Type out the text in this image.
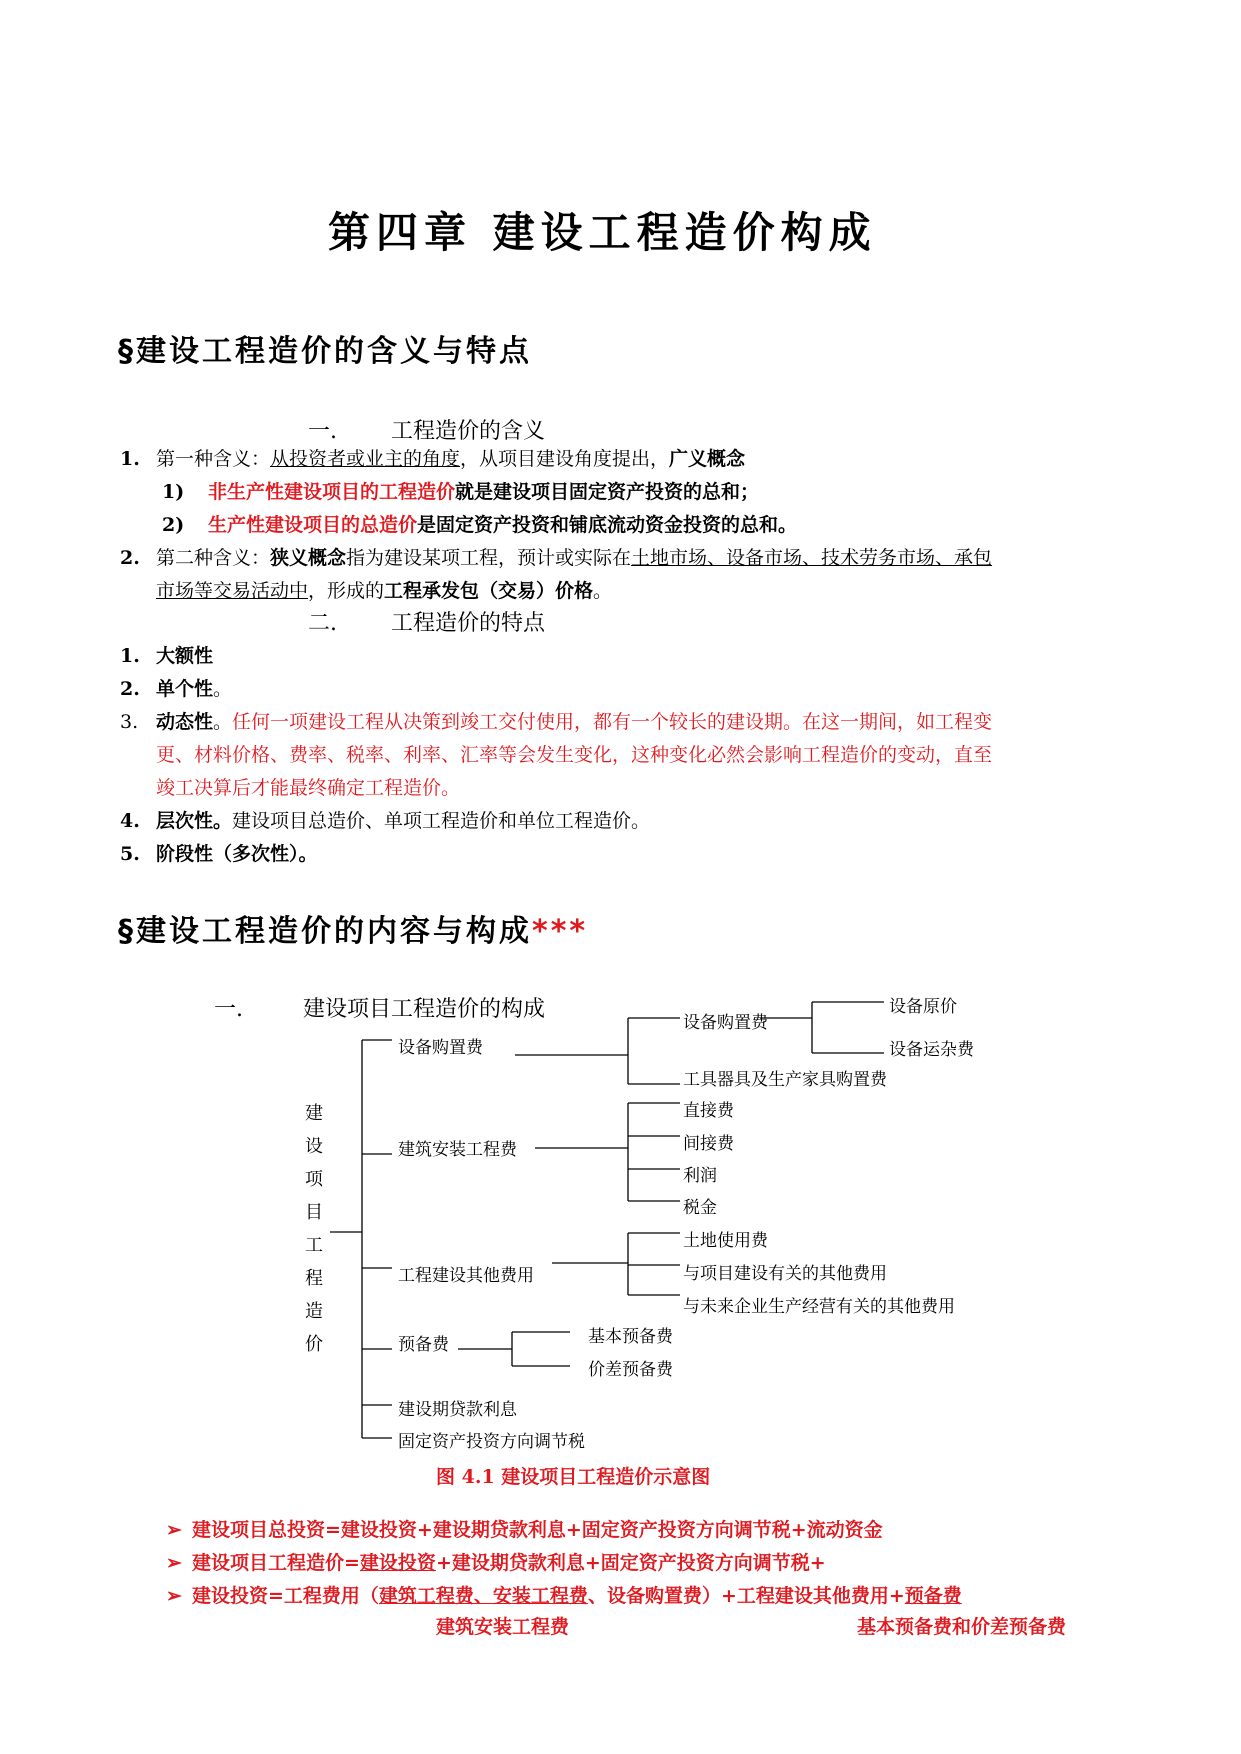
第四章 建设工程造价构成
§建设工程造价的含义与特点
一. 工程造价的含义
1. 第一种含义：从投资者或业主的角度，从项目建设角度提出，广义概念
1) 非生产性建设项目的工程造价就是建设项目固定资产投资的总和；
2) 生产性建设项目的总造价是固定资产投资和铺底流动资金投资的总和。
2. 第二种含义：狭义概念指为建设某项工程，预计或实际在土地市场、设备市场、技术劳务市场、承包
市场等交易活动中，形成的工程承发包（交易）价格。
二. 工程造价的特点
1. 大额性
2. 单个性。
3. 动态性。任何一项建设工程从决策到竣工交付使用，都有一个较长的建设期。在这一期间，如工程变
更、材料价格、费率、税率、利率、汇率等会发生变化，这种变化必然会影响工程造价的变动，直至
竣工决算后才能最终确定工程造价。
4. 层次性。建设项目总造价、单项工程造价和单位工程造价。
5. 阶段性（多次性）。
§建设工程造价的内容与构成***
一.	建设项目工程造价的构成
建
设
项
目
工
程
造
价
设备购置费
建筑安装工程费
工程建设其他费用
预备费
建设期贷款利息
固定资产投资方向调节税
设备购置费
设备原价
设备运杂费
工具器具及生产家具购置费
直接费
间接费
利润
税金
土地使用费
与项目建设有关的其他费用
与未来企业生产经营有关的其他费用
基本预备费
价差预备费
图 4.1 建设项目工程造价示意图
➢ 建设项目总投资=建设投资+建设期贷款利息+固定资产投资方向调节税+流动资金
➢ 建设项目工程造价=建设投资+建设期贷款利息+固定资产投资方向调节税+
➢ 建设投资=工程费用（建筑工程费、安装工程费、设备购置费）+工程建设其他费用+预备费
建筑安装工程费	基本预备费和价差预备费
